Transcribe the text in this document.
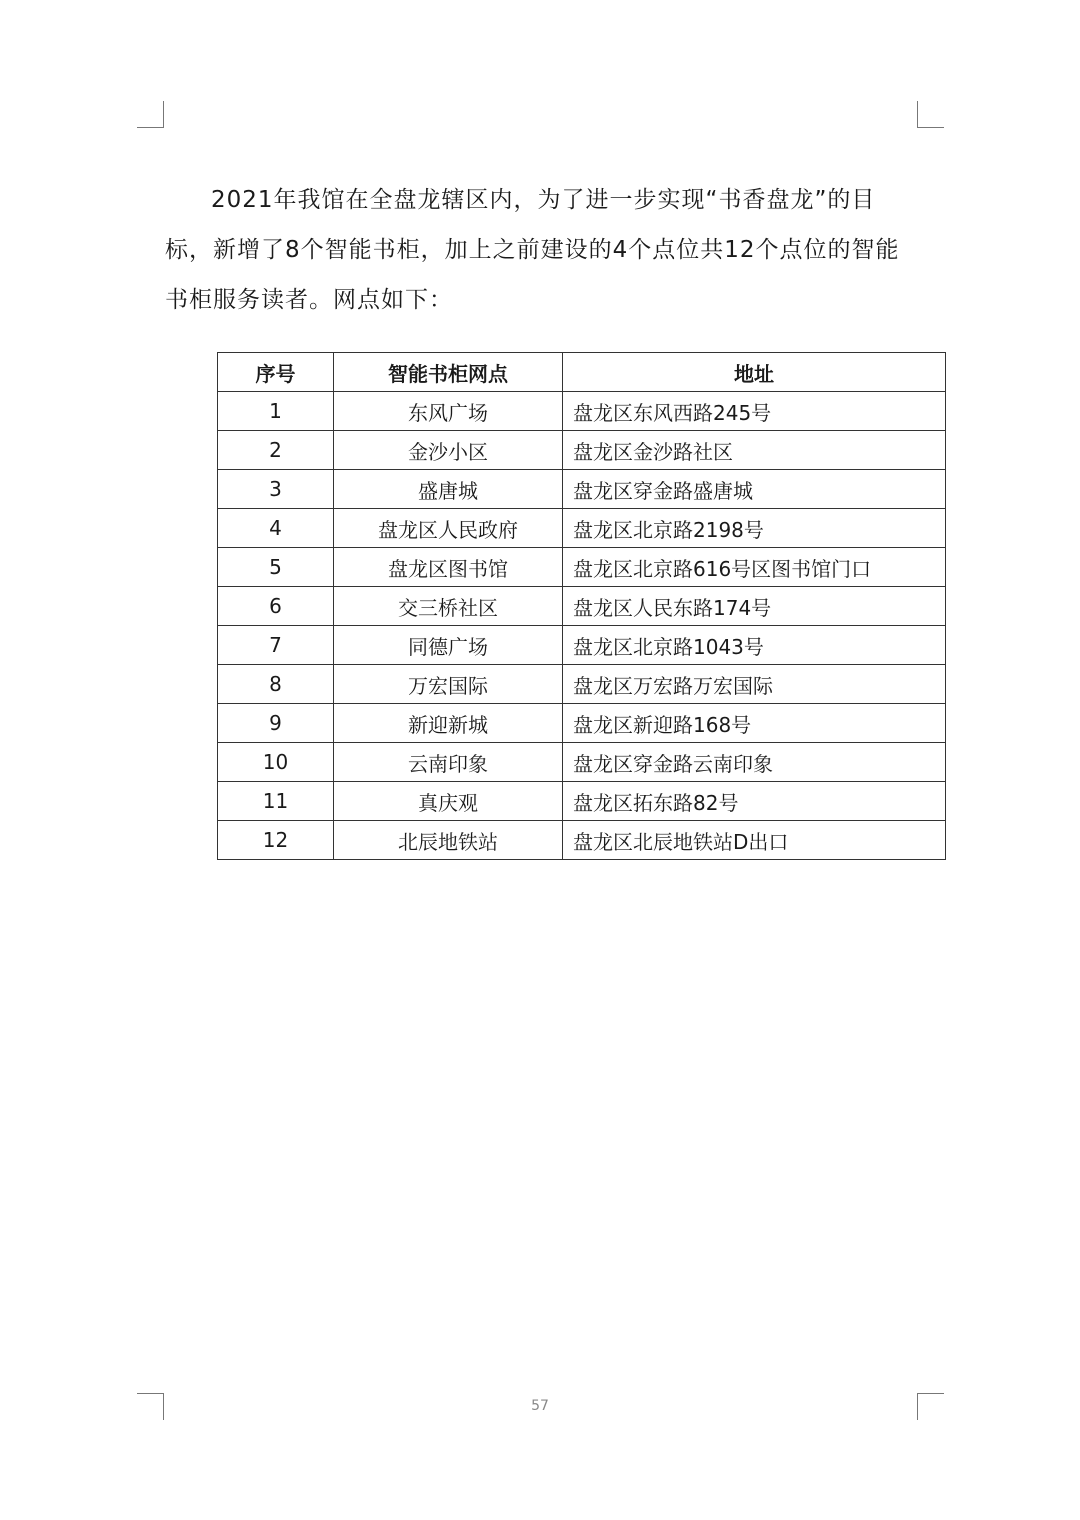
2021年我馆在全盘龙辖区内，为了进一步实现“书香盘龙”的目标，新增了8个智能书柜，加上之前建设的4个点位共12个点位的智能书柜服务读者。网点如下：

序号	智能书柜网点	地址
1	东风广场	盘龙区东风西路245号
2	金沙小区	盘龙区金沙路社区
3	盛唐城	盘龙区穿金路盛唐城
4	盘龙区人民政府	盘龙区北京路2198号
5	盘龙区图书馆	盘龙区北京路616号区图书馆门口
6	交三桥社区	盘龙区人民东路174号
7	同德广场	盘龙区北京路1043号
8	万宏国际	盘龙区万宏路万宏国际
9	新迎新城	盘龙区新迎路168号
10	云南印象	盘龙区穿金路云南印象
11	真庆观	盘龙区拓东路82号
12	北辰地铁站	盘龙区北辰地铁站D出口
57
